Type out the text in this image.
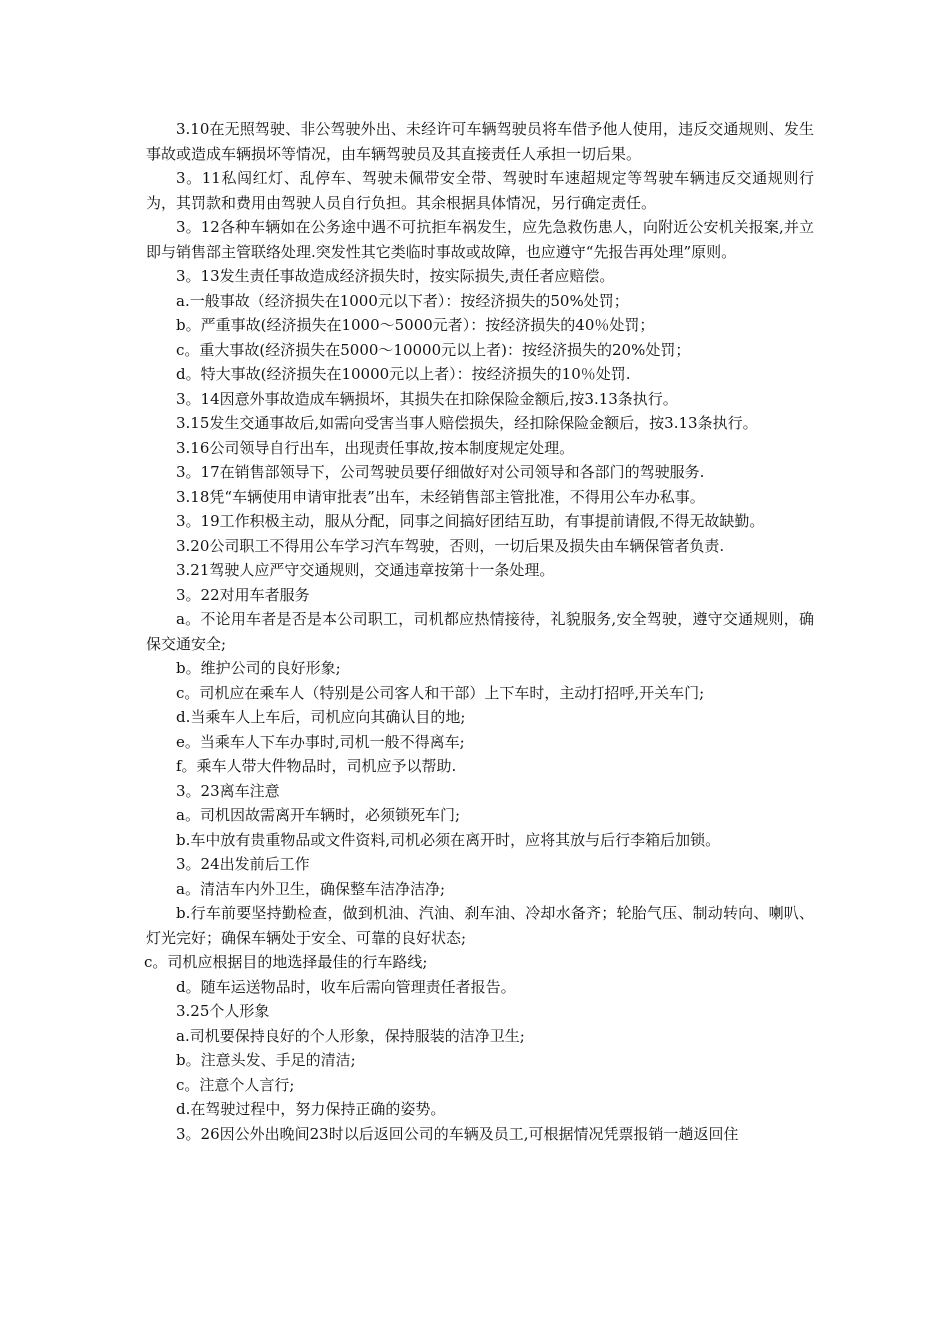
3.10在无照驾驶、非公驾驶外出、未经许可车辆驾驶员将车借予他人使用，违反交通规则、发生事故或造成车辆损坏等情况，由车辆驾驶员及其直接责任人承担一切后果。

3。11私闯红灯、乱停车、驾驶未佩带安全带、驾驶时车速超规定等驾驶车辆违反交通规则行为，其罚款和费用由驾驶人员自行负担。其余根据具体情况，另行确定责任。

3。12各种车辆如在公务途中遇不可抗拒车祸发生，应先急救伤患人，向附近公安机关报案,并立即与销售部主管联络处理.突发性其它类临时事故或故障，也应遵守“先报告再处理”原则。

3。13发生责任事故造成经济损失时，按实际损失,责任者应赔偿。

a.一般事故（经济损失在1000元以下者）：按经济损失的50%处罚；

b。严重事故(经济损失在1000～5000元者）：按经济损失的40％处罚；

c。重大事故(经济损失在5000～10000元以上者)：按经济损失的20%处罚；

d。特大事故(经济损失在10000元以上者）：按经济损失的10％处罚.

3。14因意外事故造成车辆损坏，其损失在扣除保险金额后,按3.13条执行。

3.15发生交通事故后,如需向受害当事人赔偿损失，经扣除保险金额后，按3.13条执行。

3.16公司领导自行出车，出现责任事故,按本制度规定处理。

3。17在销售部领导下，公司驾驶员要仔细做好对公司领导和各部门的驾驶服务.

3.18凭“车辆使用申请审批表”出车，未经销售部主管批准，不得用公车办私事。

3。19工作积极主动，服从分配，同事之间搞好团结互助，有事提前请假,不得无故缺勤。

3.20公司职工不得用公车学习汽车驾驶，否则，一切后果及损失由车辆保管者负责.

3.21驾驶人应严守交通规则，交通违章按第十一条处理。

3。22对用车者服务

a。不论用车者是否是本公司职工，司机都应热情接待，礼貌服务,安全驾驶，遵守交通规则，确保交通安全;

b。维护公司的良好形象;

c。司机应在乘车人（特别是公司客人和干部）上下车时，主动打招呼,开关车门;

d.当乘车人上车后，司机应向其确认目的地;

e。当乘车人下车办事时,司机一般不得离车;

f。乘车人带大件物品时，司机应予以帮助.

3。23离车注意

a。司机因故需离开车辆时，必须锁死车门;

b.车中放有贵重物品或文件资料,司机必须在离开时，应将其放与后行李箱后加锁。

3。24出发前后工作

a。清洁车内外卫生，确保整车洁净洁净;

b.行车前要坚持勤检查，做到机油、汽油、刹车油、冷却水备齐；轮胎气压、制动转向、喇叭、灯光完好；确保车辆处于安全、可靠的良好状态;

c。司机应根据目的地选择最佳的行车路线;

d。随车运送物品时，收车后需向管理责任者报告。

3.25个人形象

a.司机要保持良好的个人形象，保持服装的洁净卫生;

b。注意头发、手足的清洁;

c。注意个人言行;

d.在驾驶过程中，努力保持正确的姿势。

3。26因公外出晚间23时以后返回公司的车辆及员工,可根据情况凭票报销一趟返回住
